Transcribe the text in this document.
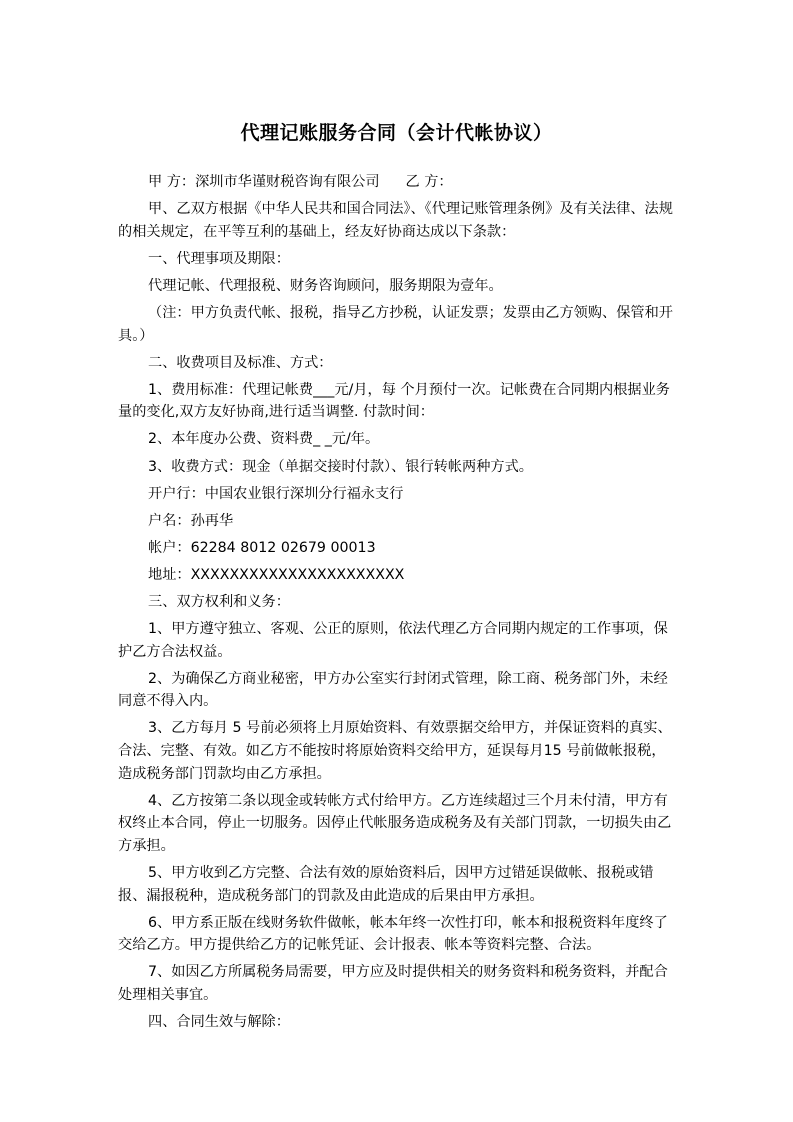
代理记账服务合同（会计代帐协议）

甲 方：深圳市华谨财税咨询有限公司 乙 方：

甲、乙双方根据《中华人民共和国合同法》、《代理记账管理条例》及有关法律、法规的相关规定，在平等互利的基础上，经友好协商达成以下条款：

一、代理事项及期限：

代理记帐、代理报税、财务咨询顾问，服务期限为壹年。

（注：甲方负责代帐、报税，指导乙方抄税，认证发票；发票由乙方领购、保管和开具。）

二、收费项目及标准、方式：

1、费用标准：代理记帐费___元/月，每 个月预付一次。记帐费在合同期内根据业务量的变化,双方友好协商,进行适当调整. 付款时间：

2、本年度办公费、资料费_ _元/年。

3、收费方式：现金（单据交接时付款）、银行转帐两种方式。

开户行：中国农业银行深圳分行福永支行

户名：孙再华

帐户：62284 8012 02679 00013

地址：XXXXXXXXXXXXXXXXXXXXXX

三、双方权利和义务：

1、甲方遵守独立、客观、公正的原则，依法代理乙方合同期内规定的工作事项，保护乙方合法权益。

2、为确保乙方商业秘密，甲方办公室实行封闭式管理，除工商、税务部门外，未经同意不得入内。

3、乙方每月 5 号前必须将上月原始资料、有效票据交给甲方，并保证资料的真实、合法、完整、有效。如乙方不能按时将原始资料交给甲方，延误每月15 号前做帐报税，造成税务部门罚款均由乙方承担。

4、乙方按第二条以现金或转帐方式付给甲方。乙方连续超过三个月未付清，甲方有权终止本合同，停止一切服务。因停止代帐服务造成税务及有关部门罚款，一切损失由乙方承担。

5、甲方收到乙方完整、合法有效的原始资料后，因甲方过错延误做帐、报税或错报、漏报税种，造成税务部门的罚款及由此造成的后果由甲方承担。

6、甲方系正版在线财务软件做帐，帐本年终一次性打印，帐本和报税资料年度终了交给乙方。甲方提供给乙方的记帐凭证、会计报表、帐本等资料完整、合法。

7、如因乙方所属税务局需要，甲方应及时提供相关的财务资料和税务资料，并配合处理相关事宜。

四、合同生效与解除：
